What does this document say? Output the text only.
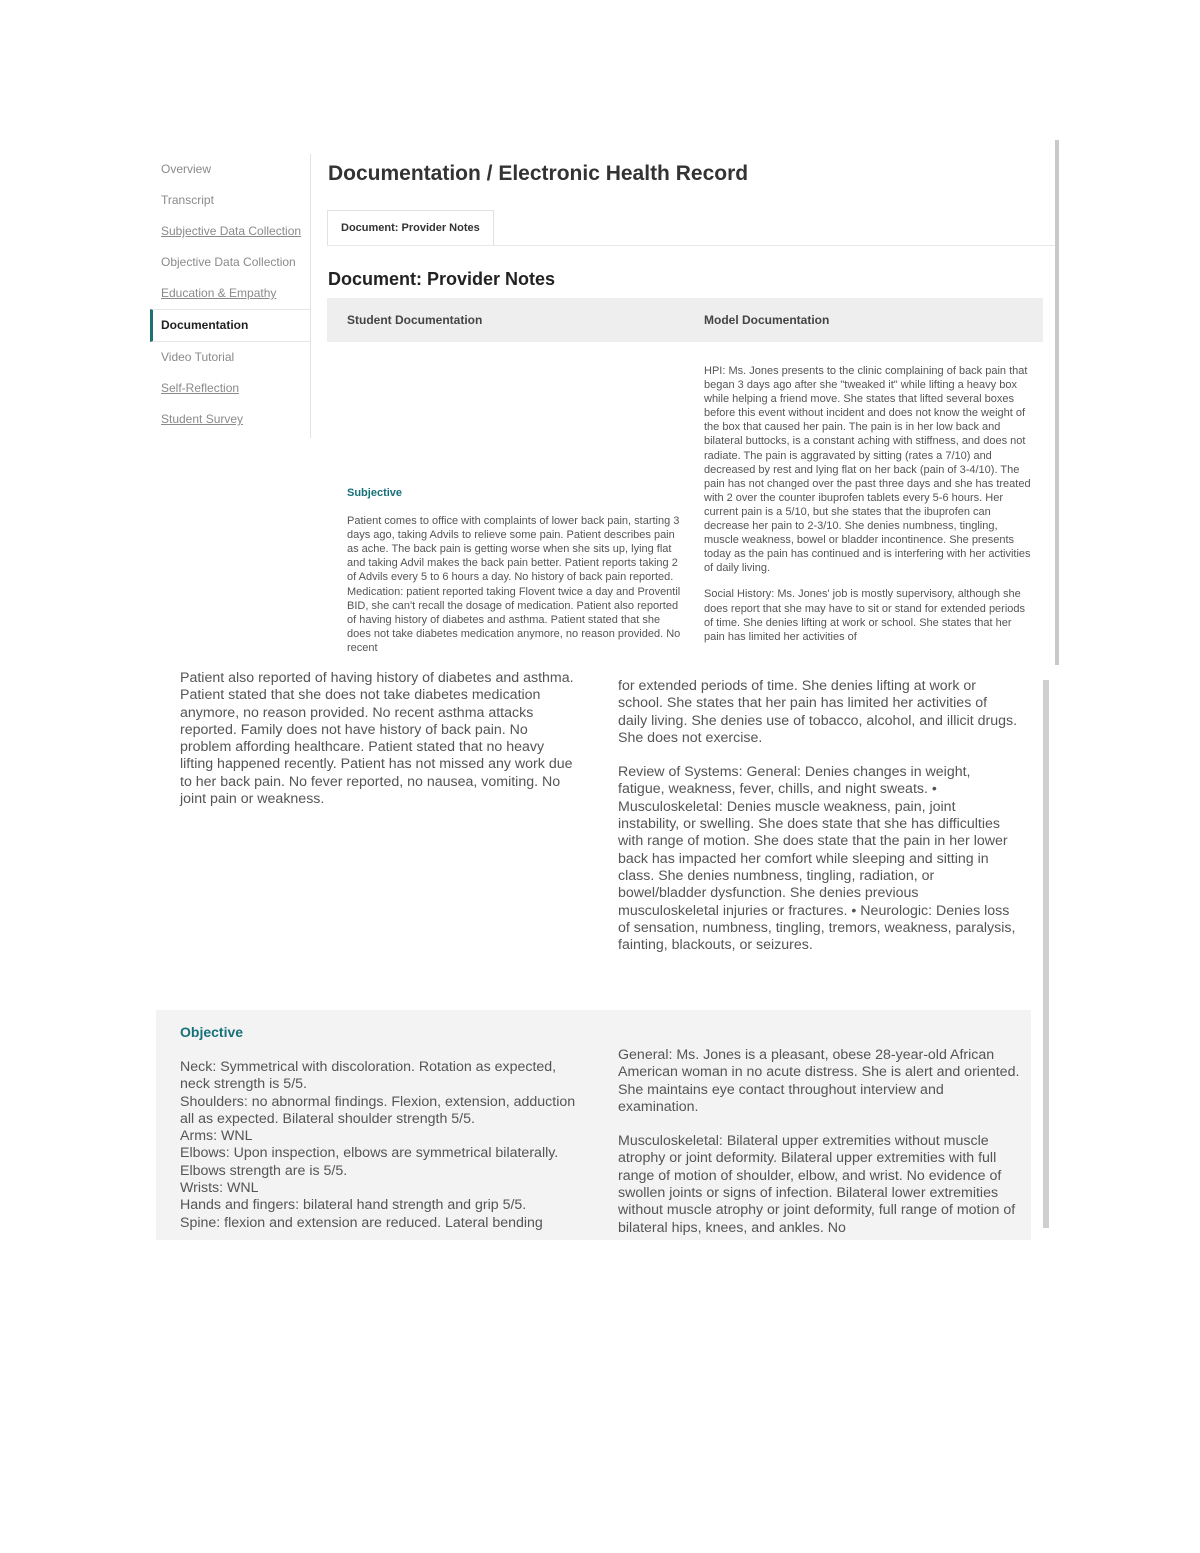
Overview
Transcript
Subjective Data Collection
Objective Data Collection
Education & Empathy
Documentation
Video Tutorial
Self-Reflection
Student Survey
Documentation / Electronic Health Record
Document: Provider Notes
Document: Provider Notes
Student Documentation	Model Documentation

HPI: Ms. Jones presents to the clinic complaining of back pain that began 3 days ago after she "tweaked it" while lifting a heavy box while helping a friend move. She states that lifted several boxes before this event without incident and does not know the weight of the box that caused her pain. The pain is in her low back and bilateral buttocks, is a constant aching with stiffness, and does not radiate. The pain is aggravated by sitting (rates a 7/10) and decreased by rest and lying flat on her back (pain of 3-4/10). The pain has not changed over the past three days and she has treated with 2 over the counter ibuprofen tablets every 5-6 hours. Her current pain is a 5/10, but she states that the ibuprofen can decrease her pain to 2-3/10. She denies numbness, tingling, muscle weakness, bowel or bladder incontinence. She presents today as the pain has continued and is interfering with her activities of daily living.

Social History: Ms. Jones' job is mostly supervisory, although she does report that she may have to sit or stand for extended periods of time. She denies lifting at work or school. She states that her pain has limited her activities of

Subjective

Patient comes to office with complaints of lower back pain, starting 3 days ago, taking Advils to relieve some pain. Patient describes pain as ache. The back pain is getting worse when she sits up, lying flat and taking Advil makes the back pain better. Patient reports taking 2 of Advils every 5 to 6 hours a day. No history of back pain reported. Medication: patient reported taking Flovent twice a day and Proventil BID, she can't recall the dosage of medication. Patient also reported of having history of diabetes and asthma. Patient stated that she does not take diabetes medication anymore, no reason provided. No recent

Patient also reported of having history of diabetes and asthma. Patient stated that she does not take diabetes medication anymore, no reason provided. No recent asthma attacks reported. Family does not have history of back pain. No problem affording healthcare. Patient stated that no heavy lifting happened recently. Patient has not missed any work due to her back pain. No fever reported, no nausea, vomiting. No joint pain or weakness.

for extended periods of time. She denies lifting at work or school. She states that her pain has limited her activities of daily living. She denies use of tobacco, alcohol, and illicit drugs. She does not exercise.

Review of Systems: General: Denies changes in weight, fatigue, weakness, fever, chills, and night sweats. • Musculoskeletal: Denies muscle weakness, pain, joint instability, or swelling. She does state that she has difficulties with range of motion. She does state that the pain in her lower back has impacted her comfort while sleeping and sitting in class. She denies numbness, tingling, radiation, or bowel/bladder dysfunction. She denies previous musculoskeletal injuries or fractures. • Neurologic: Denies loss of sensation, numbness, tingling, tremors, weakness, paralysis, fainting, blackouts, or seizures.

Objective
Neck: Symmetrical with discoloration. Rotation as expected, neck strength is 5/5.
Shoulders: no abnormal findings. Flexion, extension, adduction all as expected. Bilateral shoulder strength 5/5.
Arms: WNL
Elbows: Upon inspection, elbows are symmetrical bilaterally. Elbows strength are is 5/5.
Wrists: WNL
Hands and fingers: bilateral hand strength and grip 5/5.
Spine: flexion and extension are reduced. Lateral bending

General: Ms. Jones is a pleasant, obese 28-year-old African American woman in no acute distress. She is alert and oriented. She maintains eye contact throughout interview and examination.

Musculoskeletal: Bilateral upper extremities without muscle atrophy or joint deformity. Bilateral upper extremities with full range of motion of shoulder, elbow, and wrist. No evidence of swollen joints or signs of infection. Bilateral lower extremities without muscle atrophy or joint deformity, full range of motion of bilateral hips, knees, and ankles. No
